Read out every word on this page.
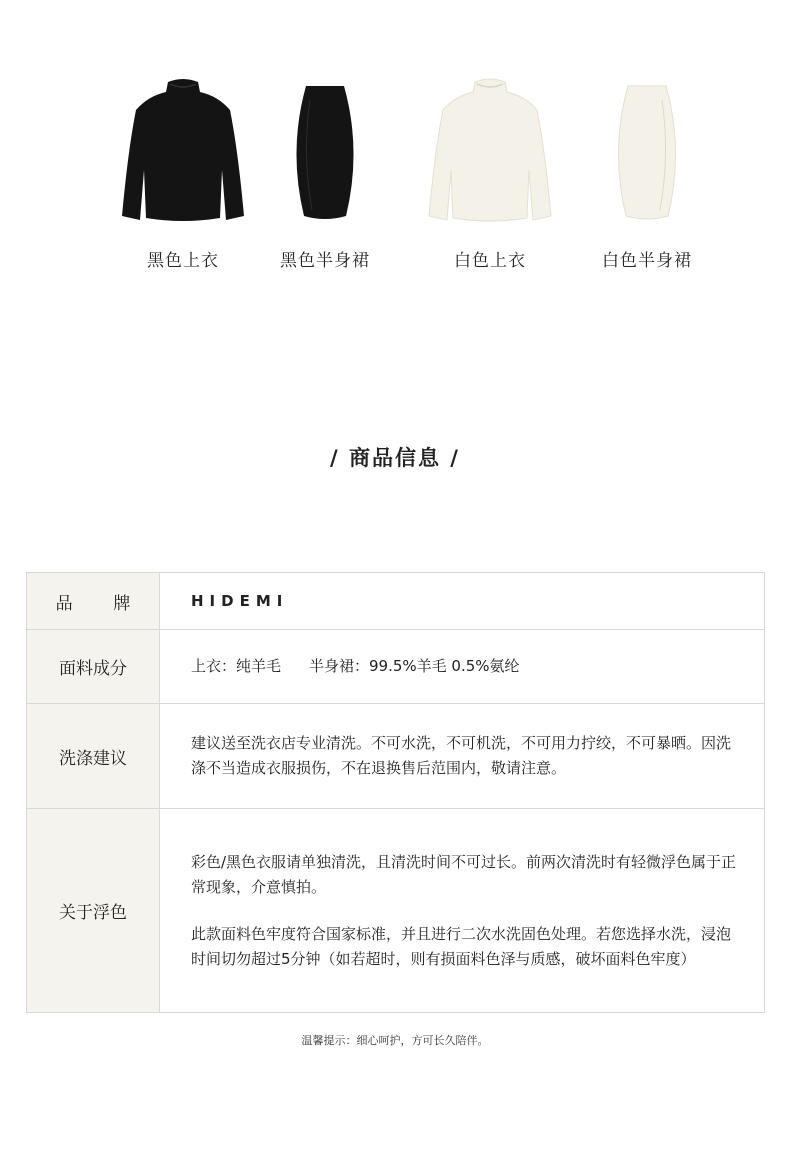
黑色上衣	黑色半身裙	白色上衣	白色半身裙
/ 商品信息 /
品 牌	HIDEMI
面料成分	上衣：纯羊毛 半身裙：99.5%羊毛 0.5%氨纶
洗涤建议	建议送至洗衣店专业清洗。不可水洗，不可机洗，不可用力拧绞，不可暴晒。因洗涤不当造成衣服损伤，不在退换售后范围内，敬请注意。
关于浮色	彩色/黑色衣服请单独清洗，且清洗时间不可过长。前两次清洗时有轻微浮色属于正常现象，介意慎拍。
此款面料色牢度符合国家标准，并且进行二次水洗固色处理。若您选择水洗，浸泡时间切勿超过5分钟（如若超时，则有损面料色泽与质感，破坏面料色牢度）
温馨提示：细心呵护，方可长久陪伴。
